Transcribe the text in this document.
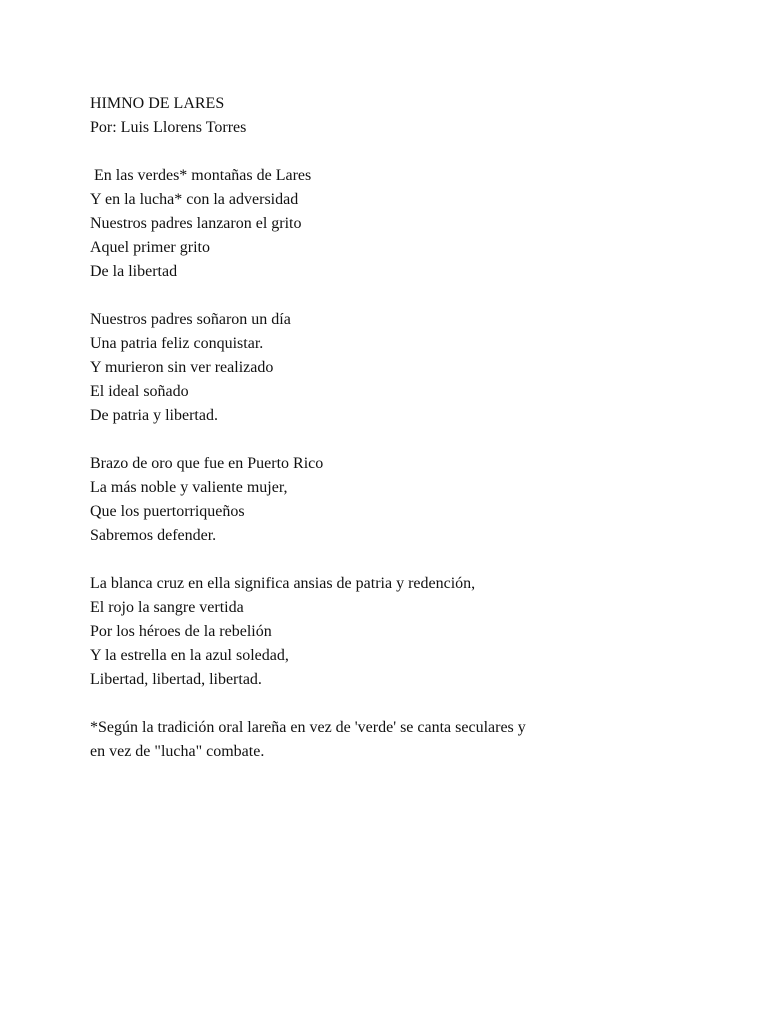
HIMNO DE LARES
Por: Luis Llorens Torres
En las verdes* montañas de Lares
Y en la lucha* con la adversidad
Nuestros padres lanzaron el grito
Aquel primer grito
De la libertad
Nuestros padres soñaron un día
Una patria feliz conquistar.
Y murieron sin ver realizado
El ideal soñado
De patria y libertad.
Brazo de oro que fue en Puerto Rico
La más noble y valiente mujer,
Que los puertorriqueños
Sabremos defender.
La blanca cruz en ella significa ansias de patria y redención,
El rojo la sangre vertida
Por los héroes de la rebelión
Y la estrella en la azul soledad,
Libertad, libertad, libertad.
*Según la tradición oral lareña en vez de 'verde' se canta seculares y
en vez de "lucha" combate.
